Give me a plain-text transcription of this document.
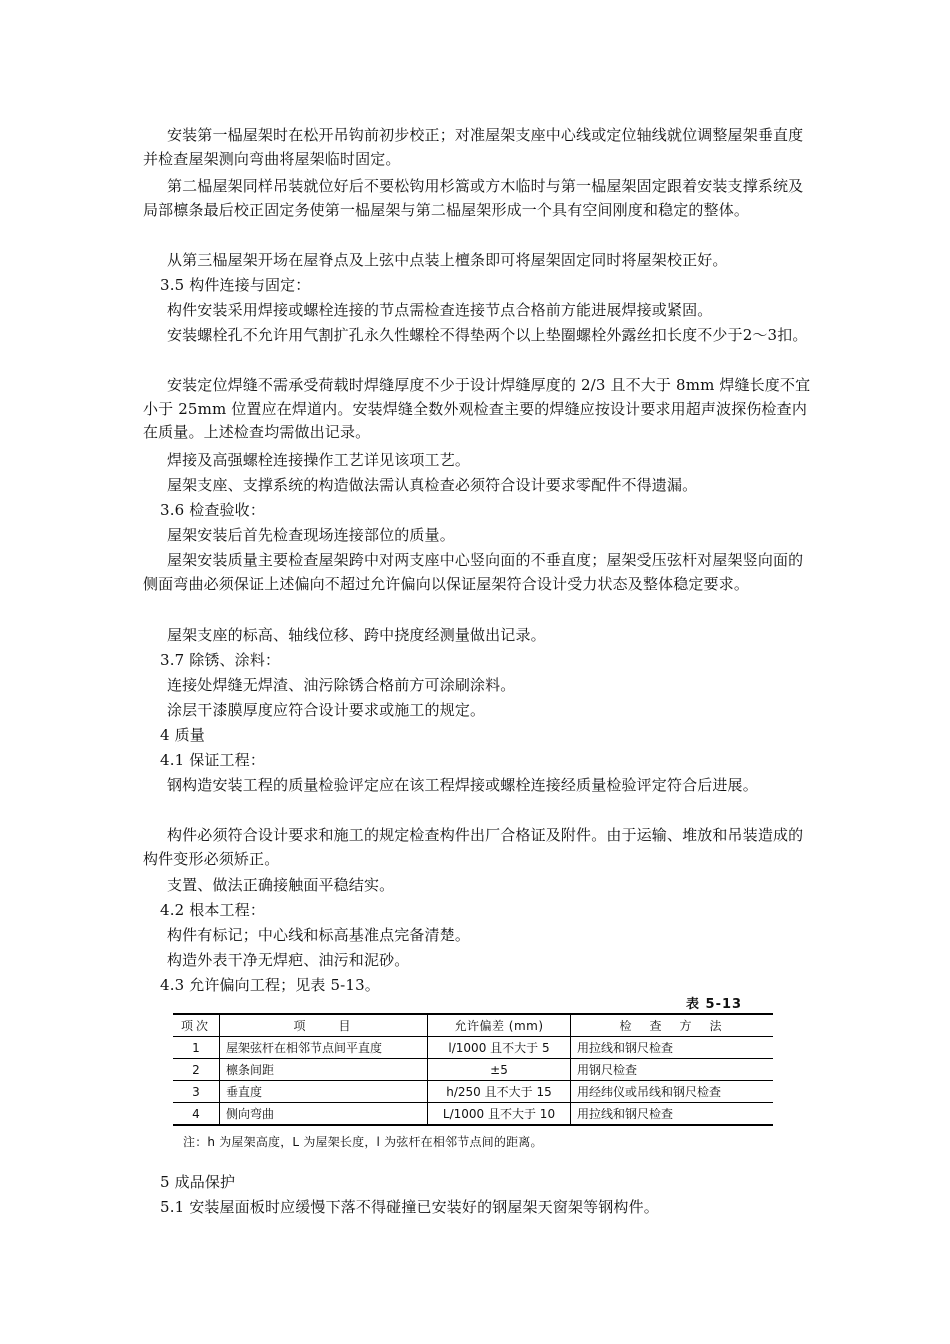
安装第一榀屋架时在松开吊钩前初步校正；对准屋架支座中心线或定位轴线就位调整屋架垂直度并检查屋架测向弯曲将屋架临时固定。

第二榀屋架同样吊装就位好后不要松钩用杉篙或方木临时与第一榀屋架固定跟着安装支撑系统及局部檩条最后校正固定务使第一榀屋架与第二榀屋架形成一个具有空间刚度和稳定的整体。

从第三榀屋架开场在屋脊点及上弦中点装上檀条即可将屋架固定同时将屋架校正好。

3.5 构件连接与固定：

构件安装采用焊接或螺栓连接的节点需检查连接节点合格前方能进展焊接或紧固。

安装螺栓孔不允许用气割扩孔永久性螺栓不得垫两个以上垫圈螺栓外露丝扣长度不少于2～3扣。

安装定位焊缝不需承受荷载时焊缝厚度不少于设计焊缝厚度的 2/3 且不大于 8mm 焊缝长度不宜小于 25mm 位置应在焊道内。安装焊缝全数外观检查主要的焊缝应按设计要求用超声波探伤检查内在质量。上述检查均需做出记录。

焊接及高强螺栓连接操作工艺详见该项工艺。

屋架支座、支撑系统的构造做法需认真检查必须符合设计要求零配件不得遗漏。

3.6 检查验收：

屋架安装后首先检查现场连接部位的质量。

屋架安装质量主要检查屋架跨中对两支座中心竖向面的不垂直度；屋架受压弦杆对屋架竖向面的侧面弯曲必须保证上述偏向不超过允许偏向以保证屋架符合设计受力状态及整体稳定要求。

屋架支座的标高、轴线位移、跨中挠度经测量做出记录。

3.7 除锈、涂料：

连接处焊缝无焊渣、油污除锈合格前方可涂刷涂料。

涂层干漆膜厚度应符合设计要求或施工的规定。

4 质量

4.1 保证工程：

钢构造安装工程的质量检验评定应在该工程焊接或螺栓连接经质量检验评定符合后进展。

构件必须符合设计要求和施工的规定检查构件出厂合格证及附件。由于运输、堆放和吊装造成的构件变形必须矫正。

支置、做法正确接触面平稳结实。

4.2 根本工程：

构件有标记；中心线和标高基准点完备清楚。

构造外表干净无焊疤、油污和泥砂。

4.3 允许偏向工程；见表 5-13。

表 5-13
项次	项　　目	允许偏差 (mm)	检　查　方　法
1	屋架弦杆在相邻节点间平直度	l/1000 且不大于 5	用拉线和钢尺检查
2	檩条间距	±5	用钢尺检查
3	垂直度	h/250 且不大于 15	用经纬仪或吊线和钢尺检查
4	侧向弯曲	L/1000 且不大于 10	用拉线和钢尺检查
注：h 为屋架高度，L 为屋架长度，l 为弦杆在相邻节点间的距离。

5 成品保护

5.1 安装屋面板时应缓慢下落不得碰撞已安装好的钢屋架天窗架等钢构件。
